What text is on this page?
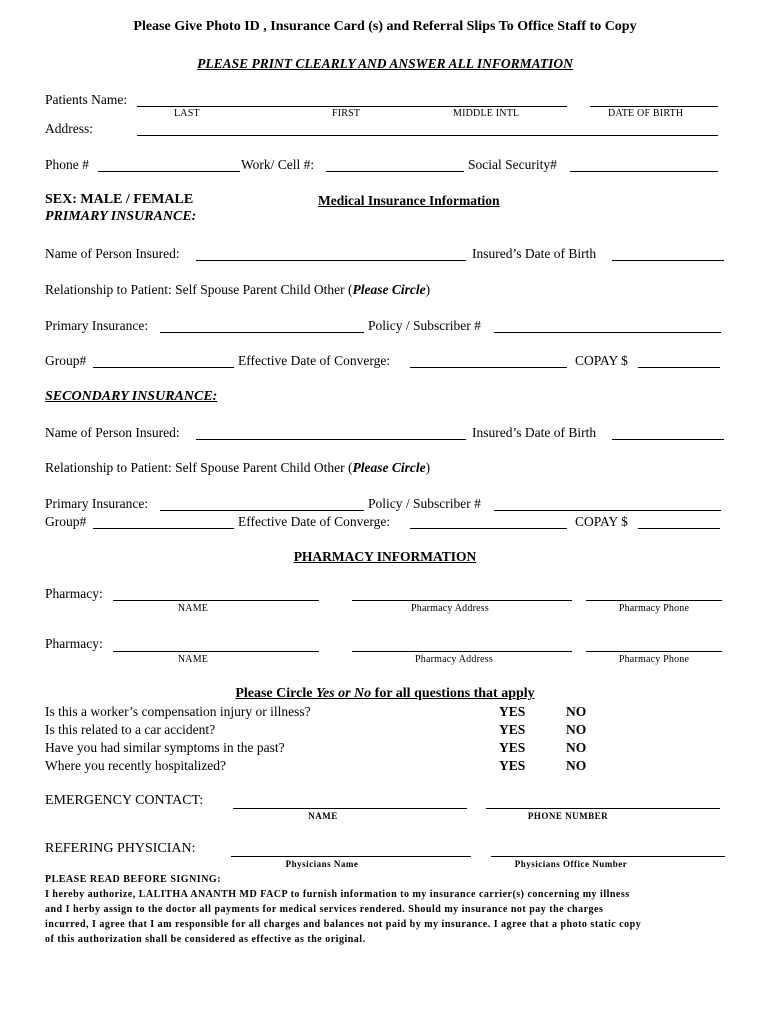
Please Give Photo ID , Insurance Card (s) and Referral Slips To Office Staff to Copy
PLEASE PRINT CLEARLY AND ANSWER ALL INFORMATION
Patients Name:
LAST	FIRST	MIDDLE INTL	DATE OF BIRTH
Address:
Phone #	Work/ Cell #:	Social Security#
SEX: MALE / FEMALE	Medical Insurance Information
PRIMARY INSURANCE:
Name of Person Insured:	Insured’s Date of Birth
Relationship to Patient: Self Spouse Parent Child Other (Please Circle)
Primary Insurance:	Policy / Subscriber #
Group#	Effective Date of Converge:	COPAY $
SECONDARY INSURANCE:
Name of Person Insured:	Insured’s Date of Birth
Relationship to Patient: Self Spouse Parent Child Other (Please Circle)
Primary Insurance:	Policy / Subscriber #
Group#	Effective Date of Converge:	COPAY $
PHARMACY INFORMATION
Pharmacy:
NAME	Pharmacy Address	Pharmacy Phone
Pharmacy:
NAME	Pharmacy Address	Pharmacy Phone
Please Circle Yes or No for all questions that apply
Is this a worker’s compensation injury or illness?	YES	NO
Is this related to a car accident?	YES	NO
Have you had similar symptoms in the past?	YES	NO
Where you recently hospitalized?	YES	NO
EMERGENCY CONTACT:
NAME	PHONE NUMBER
REFERING PHYSICIAN:
Physicians Name	Physicians Office Number
PLEASE READ BEFORE SIGNING:
I hereby authorize, LALITHA ANANTH MD FACP to furnish information to my insurance carrier(s) concerning my illness
and I herby assign to the doctor all payments for medical services rendered. Should my insurance not pay the charges
incurred, I agree that I am responsible for all charges and balances not paid by my insurance. I agree that a photo static copy
of this authorization shall be considered as effective as the original.
